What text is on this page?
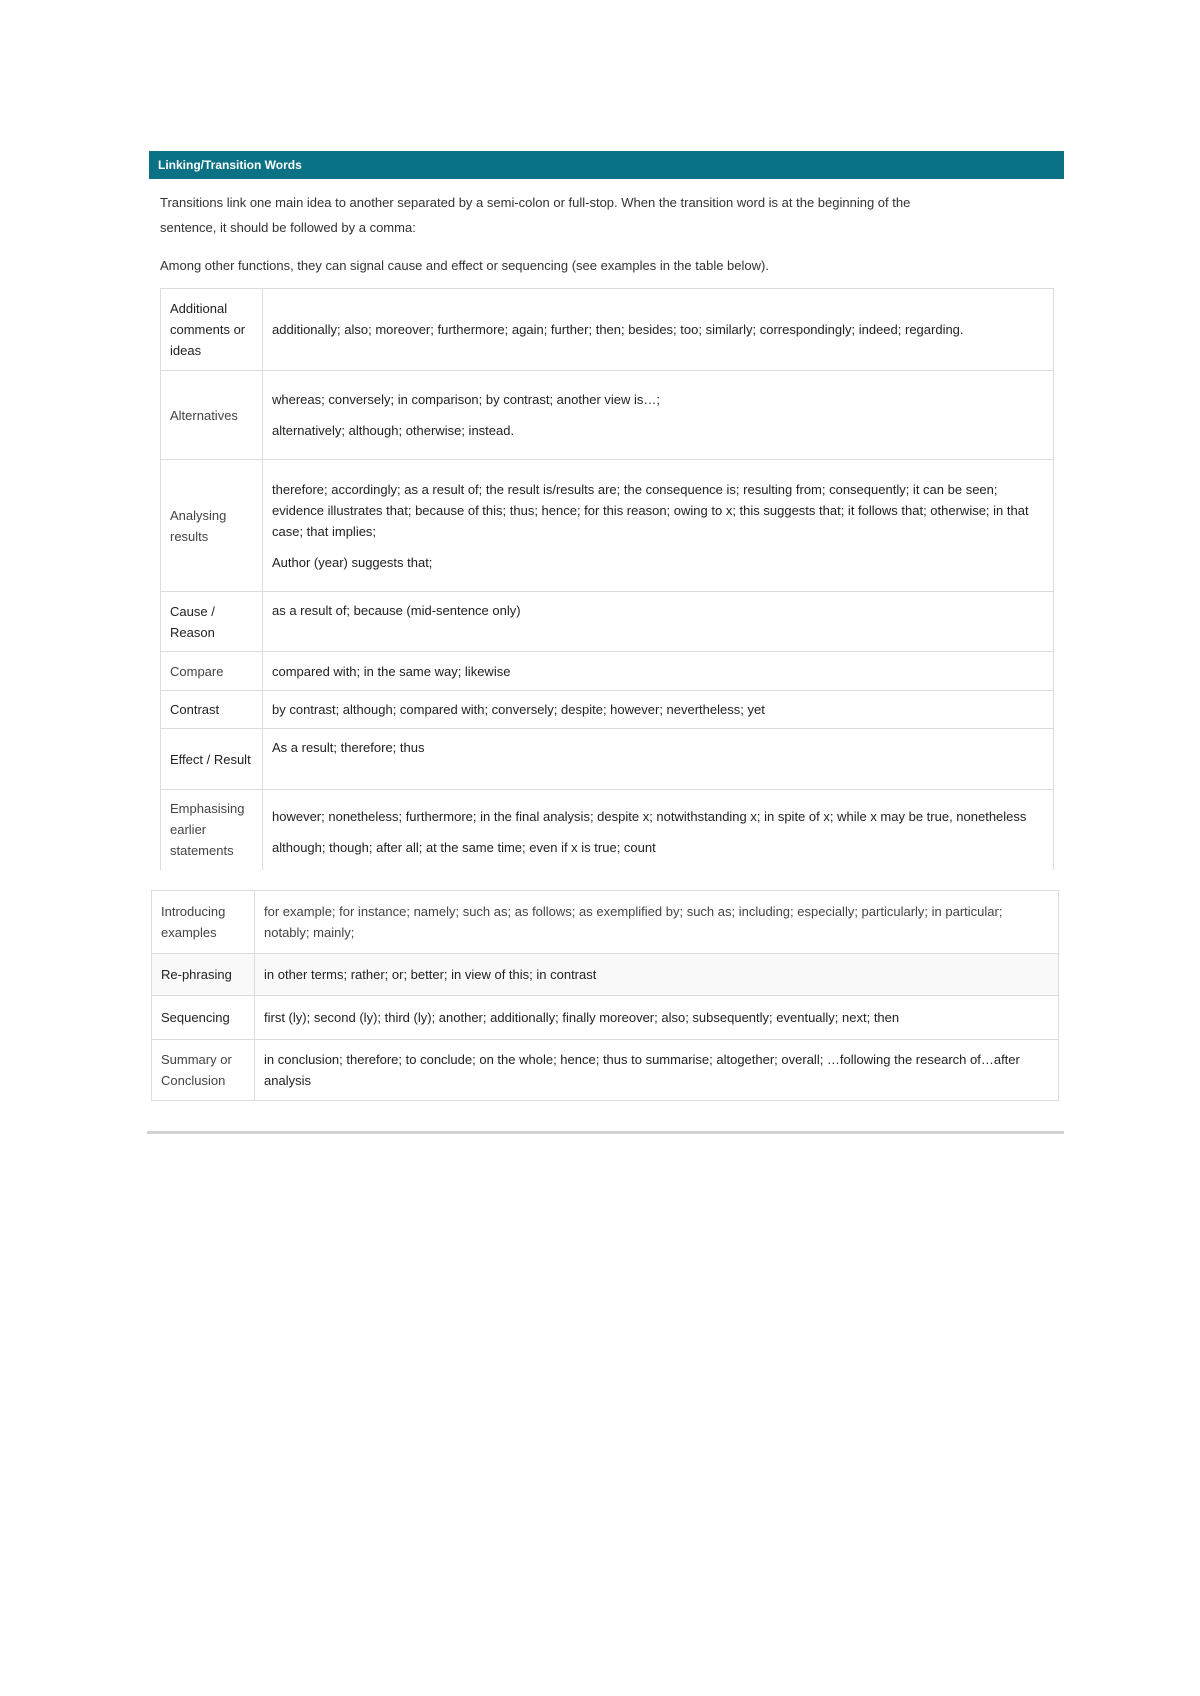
Linking/Transition Words

Transitions link one main idea to another separated by a semi-colon or full-stop. When the transition word is at the beginning of the

sentence, it should be followed by a comma:

Among other functions, they can signal cause and effect or sequencing (see examples in the table below).

Additional comments or ideas	additionally; also; moreover; furthermore; again; further; then; besides; too; similarly; correspondingly; indeed; regarding.

Alternatives	whereas; conversely; in comparison; by contrast; another view is…;

alternatively; although; otherwise; instead.

Analysing results	therefore; accordingly; as a result of; the result is/results are; the consequence is; resulting from; consequently; it can be seen; evidence illustrates that; because of this; thus; hence; for this reason; owing to x; this suggests that; it follows that; otherwise; in that case; that implies;

Author (year) suggests that;

Cause / Reason	as a result of; because (mid-sentence only)

Compare	compared with; in the same way; likewise

Contrast	by contrast; although; compared with; conversely; despite; however; nevertheless; yet

Effect / Result	As a result; therefore; thus

Emphasising earlier statements	however; nonetheless; furthermore; in the final analysis; despite x; notwithstanding x; in spite of x; while x may be true, nonetheless

although; though; after all; at the same time; even if x is true; count

Introducing examples	for example; for instance; namely; such as; as follows; as exemplified by; such as; including; especially; particularly; in particular; notably; mainly;
Re-phrasing	in other terms; rather; or; better; in view of this; in contrast
Sequencing	first (ly); second (ly); third (ly); another; additionally; finally moreover; also; subsequently; eventually; next; then
Summary or Conclusion	in conclusion; therefore; to conclude; on the whole; hence; thus to summarise; altogether; overall; …following the research of…after analysis
